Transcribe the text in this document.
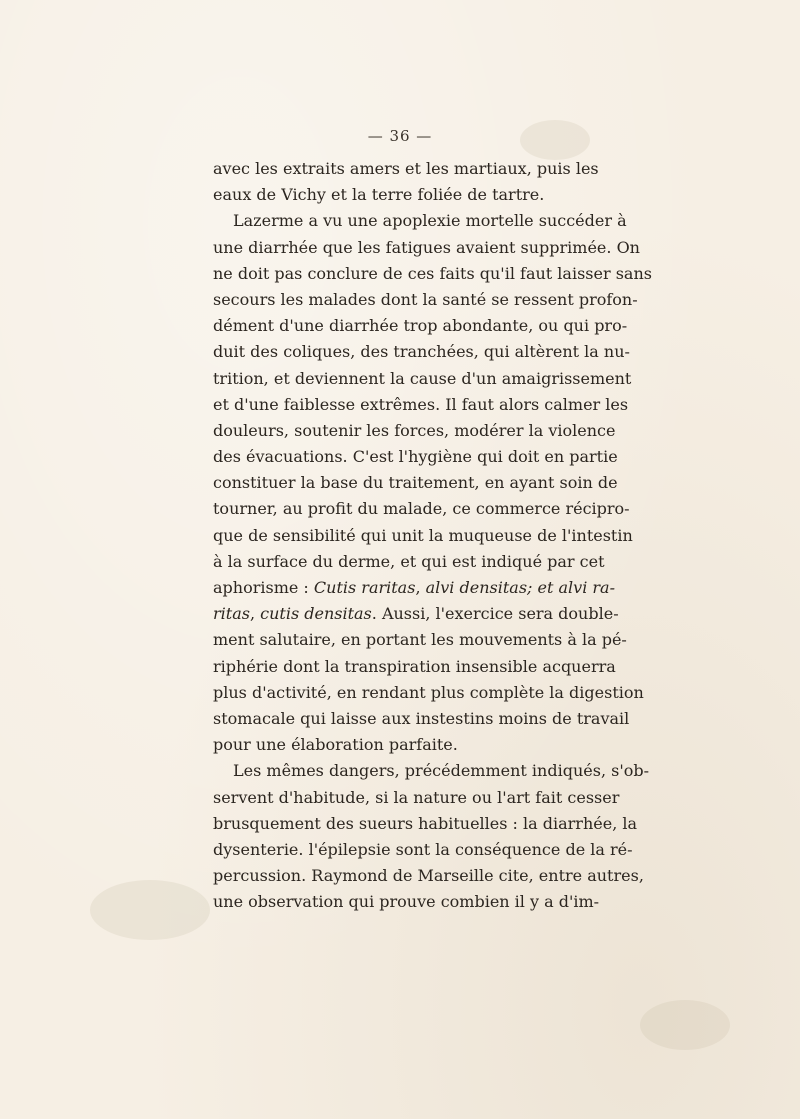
— 36 —
avec les extraits amers et les martiaux, puis les
eaux de Vichy et la terre foliée de tartre.
Lazerme a vu une apoplexie mortelle succéder à
une diarrhée que les fatigues avaient supprimée. On
ne doit pas conclure de ces faits qu'il faut laisser sans
secours les malades dont la santé se ressent profon-
dément d'une diarrhée trop abondante, ou qui pro-
duit des coliques, des tranchées, qui altèrent la nu-
trition, et deviennent la cause d'un amaigrissement
et d'une faiblesse extrêmes. Il faut alors calmer les
douleurs, soutenir les forces, modérer la violence
des évacuations. C'est l'hygiène qui doit en partie
constituer la base du traitement, en ayant soin de
tourner, au profit du malade, ce commerce récipro-
que de sensibilité qui unit la muqueuse de l'intestin
à la surface du derme, et qui est indiqué par cet
aphorisme : Cutis raritas, alvi densitas; et alvi ra-
ritas, cutis densitas. Aussi, l'exercice sera double-
ment salutaire, en portant les mouvements à la pé-
riphérie dont la transpiration insensible acquerra
plus d'activité, en rendant plus complète la digestion
stomacale qui laisse aux instestins moins de travail
pour une élaboration parfaite.
Les mêmes dangers, précédemment indiqués, s'ob-
servent d'habitude, si la nature ou l'art fait cesser
brusquement des sueurs habituelles : la diarrhée, la
dysenterie. l'épilepsie sont la conséquence de la ré-
percussion. Raymond de Marseille cite, entre autres,
une observation qui prouve combien il y a d'im-
